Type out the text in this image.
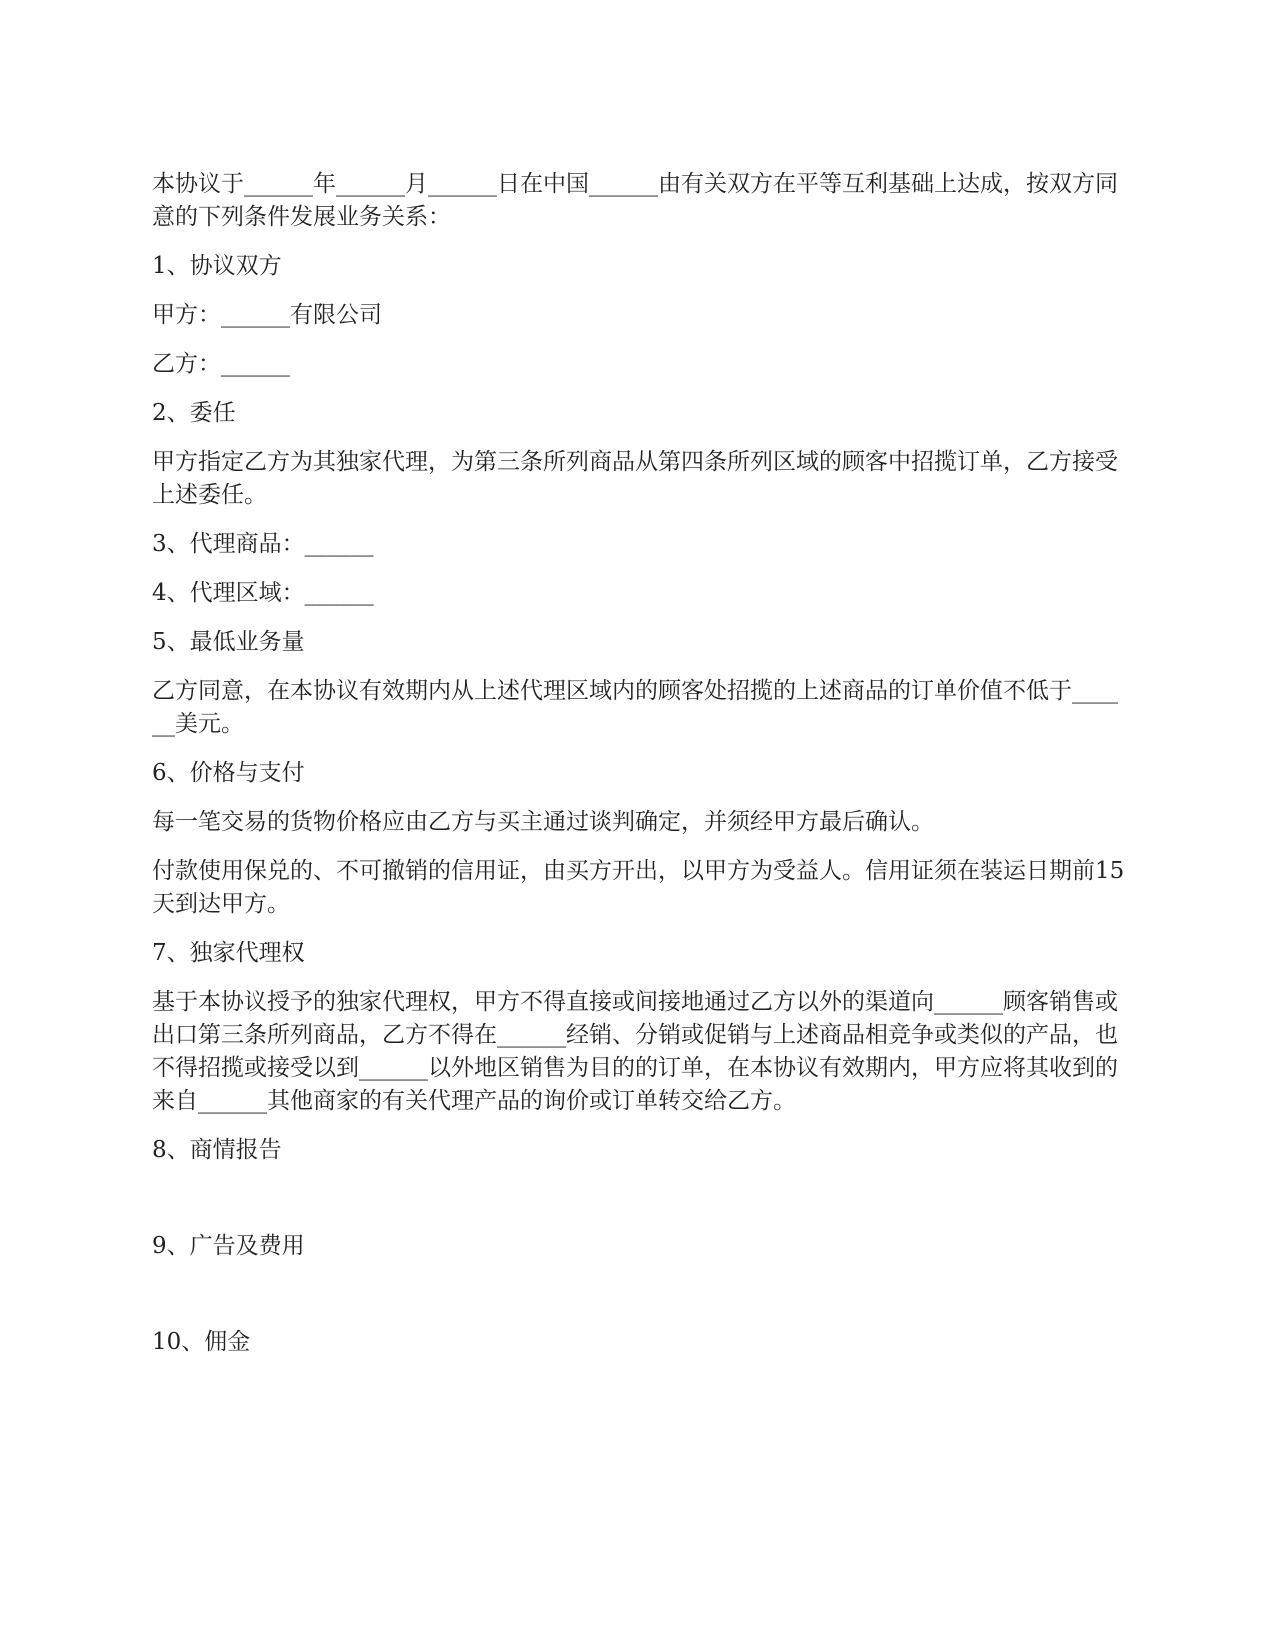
本协议于______年______月______日在中国______由有关双方在平等互利基础上达成，按双方同意的下列条件发展业务关系：

1、协议双方

甲方：______有限公司

乙方：______

2、委任

甲方指定乙方为其独家代理，为第三条所列商品从第四条所列区域的顾客中招揽订单，乙方接受上述委任。

3、代理商品：______

4、代理区域：______

5、最低业务量

乙方同意，在本协议有效期内从上述代理区域内的顾客处招揽的上述商品的订单价值不低于______美元。

6、价格与支付

每一笔交易的货物价格应由乙方与买主通过谈判确定，并须经甲方最后确认。

付款使用保兑的、不可撤销的信用证，由买方开出，以甲方为受益人。信用证须在装运日期前15天到达甲方。

7、独家代理权

基于本协议授予的独家代理权，甲方不得直接或间接地通过乙方以外的渠道向______顾客销售或出口第三条所列商品，乙方不得在______经销、分销或促销与上述商品相竞争或类似的产品，也不得招揽或接受以到______以外地区销售为目的的订单，在本协议有效期内，甲方应将其收到的来自______其他商家的有关代理产品的询价或订单转交给乙方。

8、商情报告

9、广告及费用

10、佣金
